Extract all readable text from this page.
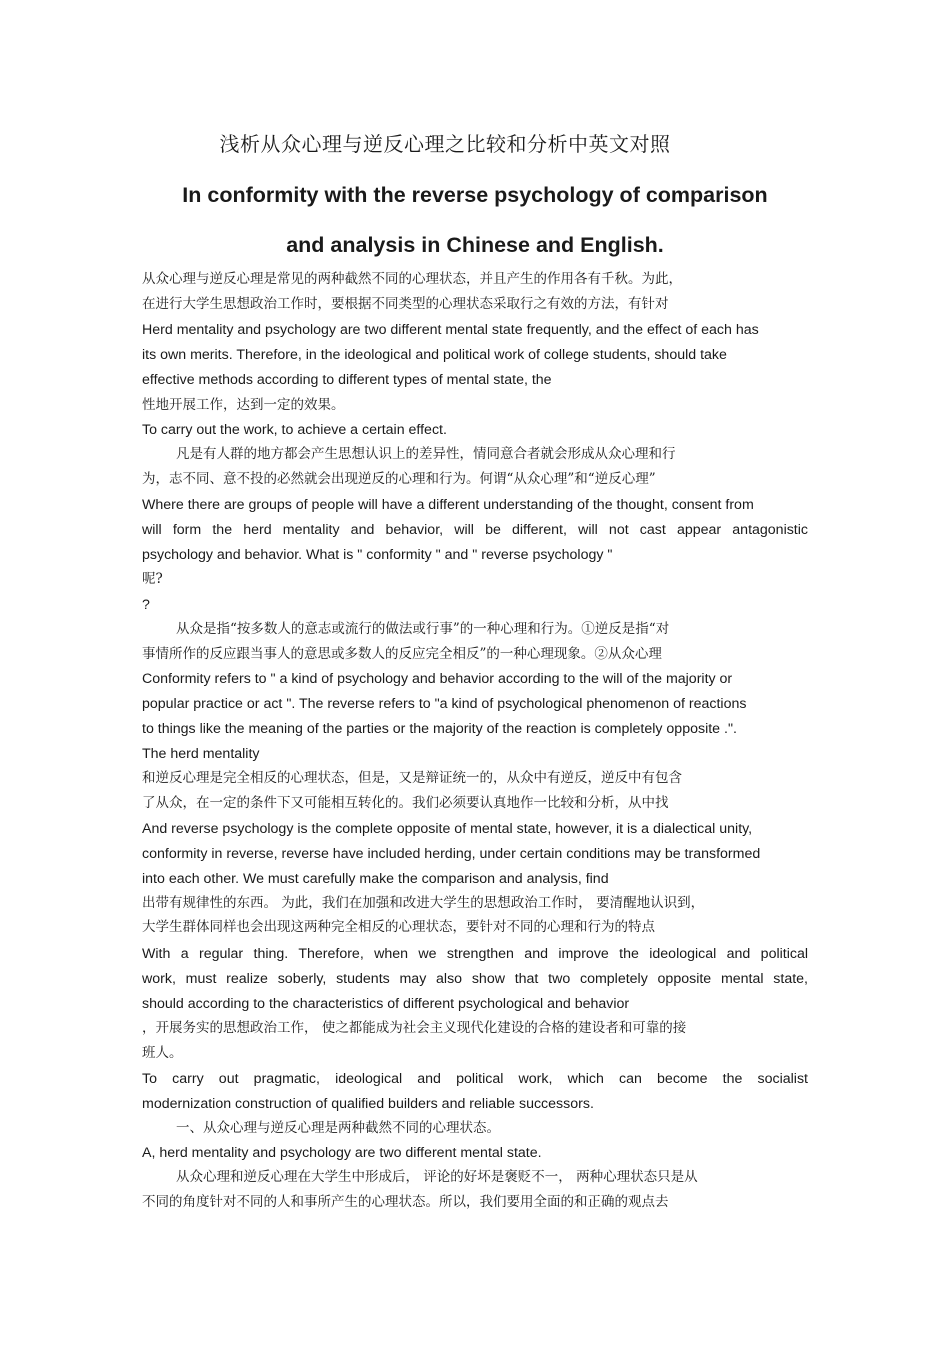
浅析从众心理与逆反心理之比较和分析中英文对照
In conformity with the reverse psychology of comparison
and analysis in Chinese and English.
从众心理与逆反心理是常见的两种截然不同的心理状态，并且产生的作用各有千秋。为此，
在进行大学生思想政治工作时，要根据不同类型的心理状态采取行之有效的方法，有针对
Herd mentality and psychology are two different mental state frequently, and the effect of each has
its own merits. Therefore, in the ideological and political work of college students, should take
effective methods according to different types of mental state, the
性地开展工作，达到一定的效果。
To carry out the work, to achieve a certain effect.
凡是有人群的地方都会产生思想认识上的差异性，情同意合者就会形成从众心理和行
为，志不同、意不投的必然就会出现逆反的心理和行为。何谓“从众心理”和“逆反心理”
Where there are groups of people will have a different understanding of the thought, consent from
will form the herd mentality and behavior, will be different, will not cast appear antagonistic
psychology and behavior. What is " conformity " and " reverse psychology "
呢?
?
从众是指“按多数人的意志或流行的做法或行事”的一种心理和行为。①逆反是指“对
事情所作的反应跟当事人的意思或多数人的反应完全相反”的一种心理现象。②从众心理
Conformity refers to " a kind of psychology and behavior according to the will of the majority or
popular practice or act ". The reverse refers to "a kind of psychological phenomenon of reactions
to things like the meaning of the parties or the majority of the reaction is completely opposite .".
The herd mentality
和逆反心理是完全相反的心理状态，但是，又是辩证统一的，从众中有逆反，逆反中有包含
了从众，在一定的条件下又可能相互转化的。我们必须要认真地作一比较和分析，从中找
And reverse psychology is the complete opposite of mental state, however, it is a dialectical unity,
conformity in reverse, reverse have included herding, under certain conditions may be transformed
into each other. We must carefully make the comparison and analysis, find
出带有规律性的东西。 为此，我们在加强和改进大学生的思想政治工作时， 要清醒地认识到，
大学生群体同样也会出现这两种完全相反的心理状态，要针对不同的心理和行为的特点
With a regular thing. Therefore, when we strengthen and improve the ideological and political
work, must realize soberly, students may also show that two completely opposite mental state,
should according to the characteristics of different psychological and behavior
，开展务实的思想政治工作， 使之都能成为社会主义现代化建设的合格的建设者和可靠的接
班人。
To carry out pragmatic, ideological and political work, which can become the socialist
modernization construction of qualified builders and reliable successors.
一、从众心理与逆反心理是两种截然不同的心理状态。
A, herd mentality and psychology are two different mental state.
从众心理和逆反心理在大学生中形成后， 评论的好坏是褒贬不一， 两种心理状态只是从
不同的角度针对不同的人和事所产生的心理状态。所以，我们要用全面的和正确的观点去
